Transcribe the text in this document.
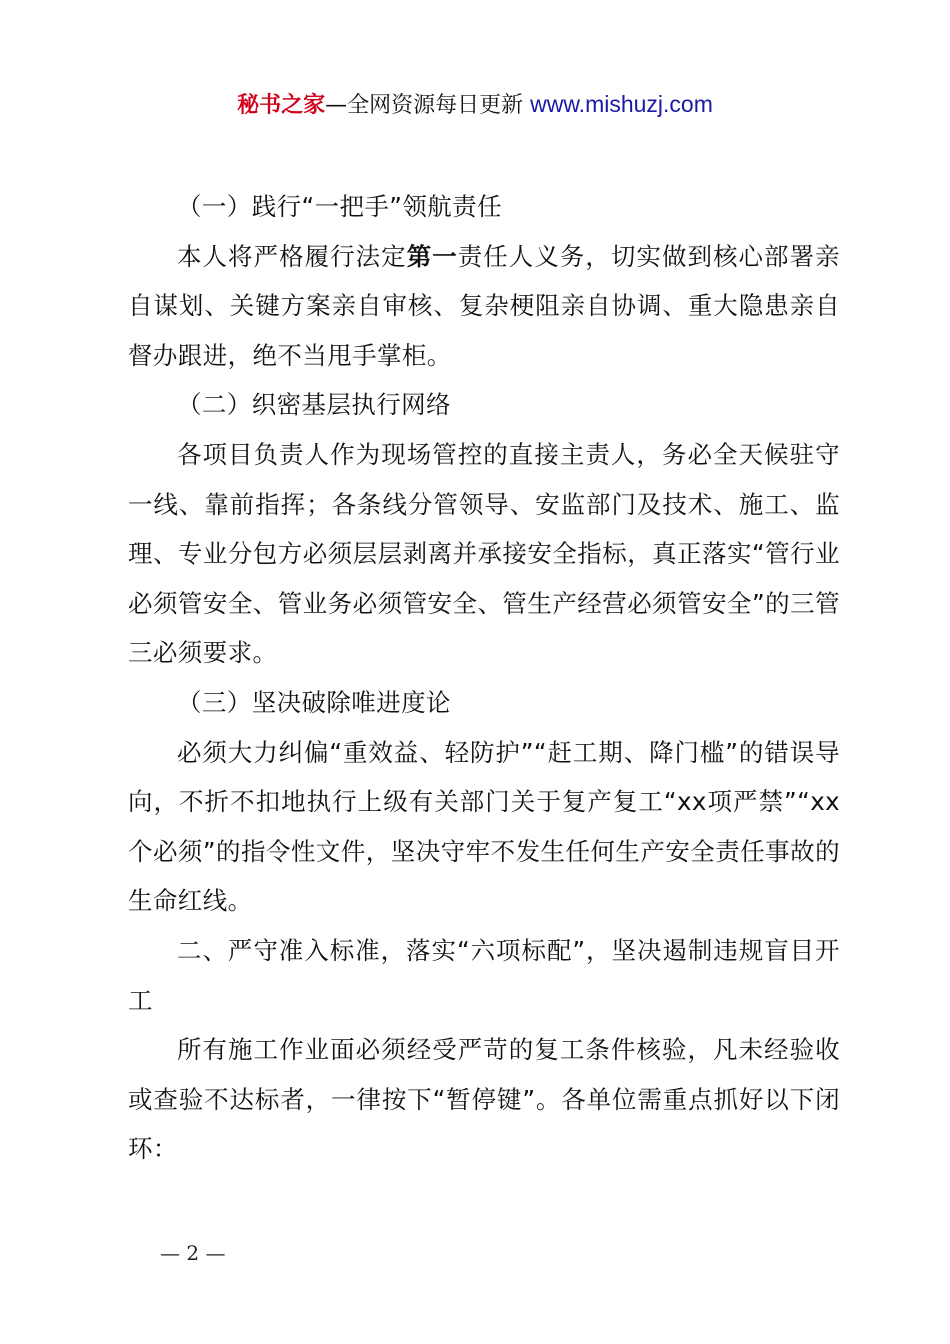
秘书之家—全网资源每日更新 www.mishuzj.com

（一）践行“一把手”领航责任

本人将严格履行法定第一责任人义务，切实做到核心部署亲自谋划、关键方案亲自审核、复杂梗阻亲自协调、重大隐患亲自督办跟进，绝不当甩手掌柜。

（二）织密基层执行网络

各项目负责人作为现场管控的直接主责人，务必全天候驻守一线、靠前指挥；各条线分管领导、安监部门及技术、施工、监理、专业分包方必须层层剥离并承接安全指标，真正落实“管行业必须管安全、管业务必须管安全、管生产经营必须管安全”的三管三必须要求。

（三）坚决破除唯进度论

必须大力纠偏“重效益、轻防护”“赶工期、降门槛”的错误导向，不折不扣地执行上级有关部门关于复产复工“xx项严禁”“xx个必须”的指令性文件，坚决守牢不发生任何生产安全责任事故的生命红线。

二、严守准入标准，落实“六项标配”，坚决遏制违规盲目开工

所有施工作业面必须经受严苛的复工条件核验，凡未经验收或查验不达标者，一律按下“暂停键”。各单位需重点抓好以下闭环：

— 2 —
